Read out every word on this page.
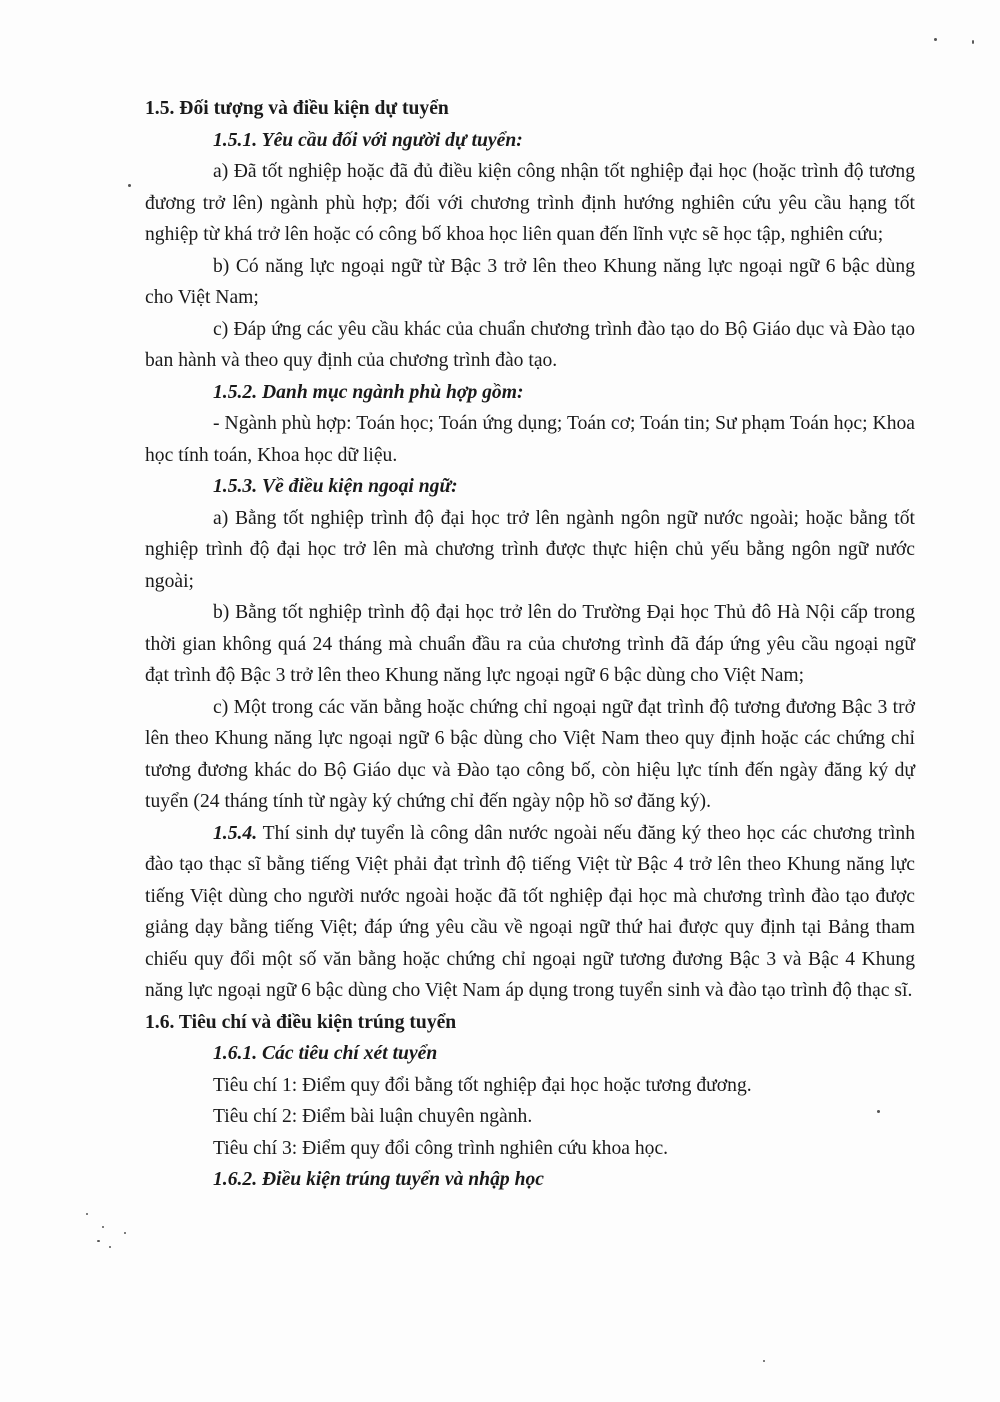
1.5. Đối tượng và điều kiện dự tuyển

1.5.1. Yêu cầu đối với người dự tuyển:

a) Đã tốt nghiệp hoặc đã đủ điều kiện công nhận tốt nghiệp đại học (hoặc trình độ tương đương trở lên) ngành phù hợp; đối với chương trình định hướng nghiên cứu yêu cầu hạng tốt nghiệp từ khá trở lên hoặc có công bố khoa học liên quan đến lĩnh vực sẽ học tập, nghiên cứu;

b) Có năng lực ngoại ngữ từ Bậc 3 trở lên theo Khung năng lực ngoại ngữ 6 bậc dùng cho Việt Nam;

c) Đáp ứng các yêu cầu khác của chuẩn chương trình đào tạo do Bộ Giáo dục và Đào tạo ban hành và theo quy định của chương trình đào tạo.

1.5.2. Danh mục ngành phù hợp gồm:

- Ngành phù hợp: Toán học; Toán ứng dụng; Toán cơ; Toán tin; Sư phạm Toán học; Khoa học tính toán, Khoa học dữ liệu.

1.5.3. Về điều kiện ngoại ngữ:

a) Bằng tốt nghiệp trình độ đại học trở lên ngành ngôn ngữ nước ngoài; hoặc bằng tốt nghiệp trình độ đại học trở lên mà chương trình được thực hiện chủ yếu bằng ngôn ngữ nước ngoài;

b) Bằng tốt nghiệp trình độ đại học trở lên do Trường Đại học Thủ đô Hà Nội cấp trong thời gian không quá 24 tháng mà chuẩn đầu ra của chương trình đã đáp ứng yêu cầu ngoại ngữ đạt trình độ Bậc 3 trở lên theo Khung năng lực ngoại ngữ 6 bậc dùng cho Việt Nam;

c) Một trong các văn bằng hoặc chứng chỉ ngoại ngữ đạt trình độ tương đương Bậc 3 trở lên theo Khung năng lực ngoại ngữ 6 bậc dùng cho Việt Nam theo quy định hoặc các chứng chỉ tương đương khác do Bộ Giáo dục và Đào tạo công bố, còn hiệu lực tính đến ngày đăng ký dự tuyển (24 tháng tính từ ngày ký chứng chỉ đến ngày nộp hồ sơ đăng ký).

1.5.4. Thí sinh dự tuyển là công dân nước ngoài nếu đăng ký theo học các chương trình đào tạo thạc sĩ bằng tiếng Việt phải đạt trình độ tiếng Việt từ Bậc 4 trở lên theo Khung năng lực tiếng Việt dùng cho người nước ngoài hoặc đã tốt nghiệp đại học mà chương trình đào tạo được giảng dạy bằng tiếng Việt; đáp ứng yêu cầu về ngoại ngữ thứ hai được quy định tại Bảng tham chiếu quy đổi một số văn bằng hoặc chứng chỉ ngoại ngữ tương đương Bậc 3 và Bậc 4 Khung năng lực ngoại ngữ 6 bậc dùng cho Việt Nam áp dụng trong tuyển sinh và đào tạo trình độ thạc sĩ.

1.6. Tiêu chí và điều kiện trúng tuyển

1.6.1. Các tiêu chí xét tuyển

Tiêu chí 1: Điểm quy đổi bằng tốt nghiệp đại học hoặc tương đương.

Tiêu chí 2: Điểm bài luận chuyên ngành.

Tiêu chí 3: Điểm quy đổi công trình nghiên cứu khoa học.

1.6.2. Điều kiện trúng tuyển và nhập học
